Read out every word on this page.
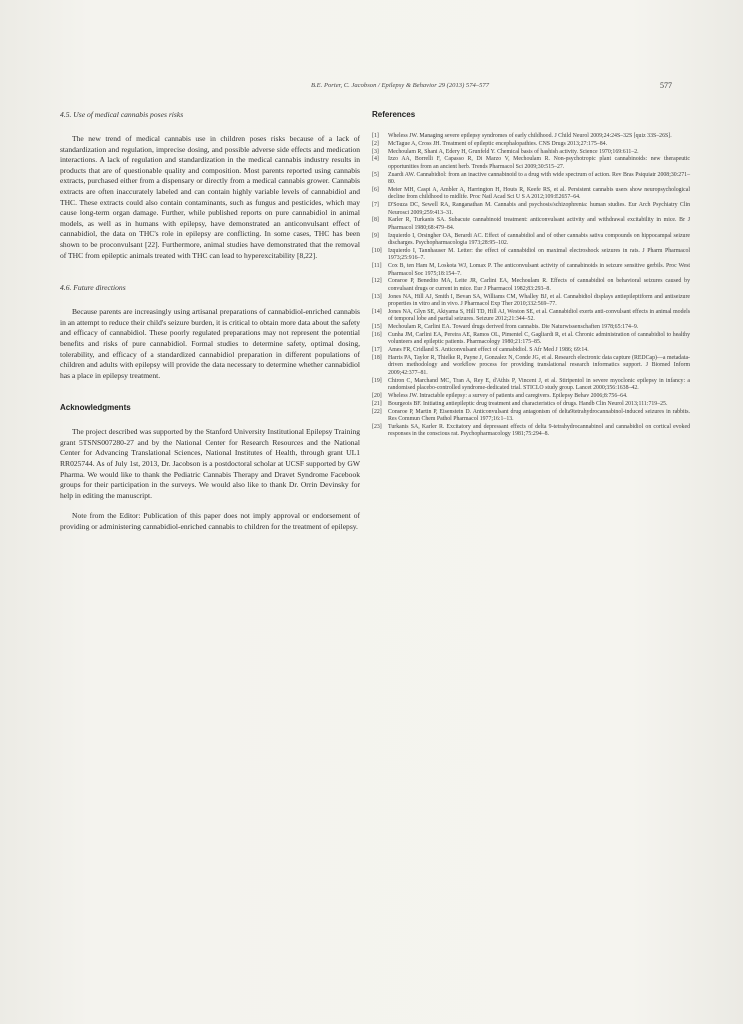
B.E. Porter, C. Jacobson / Epilepsy & Behavior 29 (2013) 574–577	577
4.5. Use of medical cannabis poses risks

The new trend of medical cannabis use in children poses risks because of a lack of standardization and regulation, imprecise dosing, and possible adverse side effects and medication interactions. A lack of regulation and standardization in the medical cannabis industry results in products that are of questionable quality and composition. Most parents reported using cannabis extracts, purchased either from a dispensary or directly from a medical cannabis grower. Cannabis extracts are often inaccurately labeled and can contain highly variable levels of cannabidiol and THC. These extracts could also contain contaminants, such as fungus and pesticides, which may cause long-term organ damage. Further, while published reports on pure cannabidiol in animal models, as well as in humans with epilepsy, have demonstrated an anticonvulsant effect of cannabidiol, the data on THC's role in epilepsy are conflicting. In some cases, THC has been shown to be proconvulsant [22]. Furthermore, animal studies have demonstrated that the removal of THC from epileptic animals treated with THC can lead to hyperexcitability [8,22].

4.6. Future directions

Because parents are increasingly using artisanal preparations of cannabidiol-enriched cannabis in an attempt to reduce their child's seizure burden, it is critical to obtain more data about the safety and efficacy of cannabidiol. These poorly regulated preparations may not represent the potential benefits and risks of pure cannabidiol. Formal studies to determine safety, optimal dosing, tolerability, and efficacy of a standardized cannabidiol preparation in different populations of children and adults with epilepsy will provide the data necessary to determine whether cannabidiol has a place in epilepsy treatment.

Acknowledgments

The project described was supported by the Stanford University Institutional Epilepsy Training grant 5TSNS007280-27 and by the National Center for Research Resources and the National Center for Advancing Translational Sciences, National Institutes of Health, through grant UL1 RR025744. As of July 1st, 2013, Dr. Jacobson is a postdoctoral scholar at UCSF supported by GW Pharma. We would like to thank the Pediatric Cannabis Therapy and Dravet Syndrome Facebook groups for their participation in the surveys. We would also like to thank Dr. Orrin Devinsky for help in editing the manuscript.

Note from the Editor: Publication of this paper does not imply approval or endorsement of providing or administering cannabidiol-enriched cannabis to children for the treatment of epilepsy.

References
[1]	Wheless JW. Managing severe epilepsy syndromes of early childhood. J Child Neurol 2009;24:24S–32S [quiz 33S–26S].
[2]	McTague A, Cross JH. Treatment of epileptic encephalopathies. CNS Drugs 2013;27:175–84.
[3]	Mechoulam R, Shani A, Edery H, Grunfeld Y. Chemical basis of hashish activity. Science 1970;169:611–2.
[4]	Izzo AA, Borrelli F, Capasso R, Di Marzo V, Mechoulam R. Non-psychotropic plant cannabinoids: new therapeutic opportunities from an ancient herb. Trends Pharmacol Sci 2009;30:515–27.
[5]	Zuardi AW. Cannabidiol: from an inactive cannabinoid to a drug with wide spectrum of action. Rev Bras Psiquiatr 2008;30:271–80.
[6]	Meier MH, Caspi A, Ambler A, Harrington H, Houts R, Keefe RS, et al. Persistent cannabis users show neuropsychological decline from childhood to midlife. Proc Natl Acad Sci U S A 2012;109:E2657–64.
[7]	D'Souza DC, Sewell RA, Ranganathan M. Cannabis and psychosis/schizophrenia: human studies. Eur Arch Psychiatry Clin Neurosci 2009;259:413–31.
[8]	Karler R, Turkanis SA. Subacute cannabinoid treatment: anticonvulsant activity and withdrawal excitability in mice. Br J Pharmacol 1980;68:479–84.
[9]	Izquierdo I, Orsingher OA, Berardi AC. Effect of cannabidiol and of other cannabis sativa compounds on hippocampal seizure discharges. Psychopharmacologia 1973;28:95–102.
[10]	Izquierdo I, Tannhauser M. Letter: the effect of cannabidiol on maximal electroshock seizures in rats. J Pharm Pharmacol 1973;25:916–7.
[11]	Cox B, ten Ham M, Loskota WJ, Lomax P. The anticonvulsant activity of cannabinoids in seizure sensitive gerbils. Proc West Pharmacol Soc 1975;18:154–7.
[12]	Consroe P, Benedito MA, Leite JR, Carlini EA, Mechoulam R. Effects of cannabidiol on behavioral seizures caused by convulsant drugs or current in mice. Eur J Pharmacol 1982;83:293–8.
[13]	Jones NA, Hill AJ, Smith I, Bevan SA, Williams CM, Whalley BJ, et al. Cannabidiol displays antiepileptiform and antiseizure properties in vitro and in vivo. J Pharmacol Exp Ther 2010;332:569–77.
[14]	Jones NA, Glyn SE, Akiyama S, Hill TD, Hill AJ, Weston SE, et al. Cannabidiol exerts anti-convulsant effects in animal models of temporal lobe and partial seizures. Seizure 2012;21:344–52.
[15]	Mechoulam R, Carlini EA. Toward drugs derived from cannabis. Die Naturwissenschaften 1978;65:174–9.
[16]	Cunha JM, Carlini EA, Pereira AE, Ramos OL, Pimentel C, Gagliardi R, et al. Chronic administration of cannabidiol to healthy volunteers and epileptic patients. Pharmacology 1980;21:175–85.
[17]	Ames FR, Cridland S. Anticonvulsant effect of cannabidiol. S Afr Med J 1986; 69:14.
[18]	Harris PA, Taylor R, Thielke R, Payne J, Gonzalez N, Conde JG, et al. Research electronic data capture (REDCap)—a metadata-driven methodology and workflow process for providing translational research informatics support. J Biomed Inform 2009;42:377–81.
[19]	Chiron C, Marchand MC, Tran A, Rey E, d'Athis P, Vincent J, et al. Stiripentol in severe myoclonic epilepsy in infancy: a randomised placebo-controlled syndrome-dedicated trial. STICLO study group. Lancet 2000;356:1638–42.
[20]	Wheless JW. Intractable epilepsy: a survey of patients and caregivers. Epilepsy Behav 2006;8:756–64.
[21]	Bourgeois BF. Initiating antiepileptic drug treatment and characteristics of drugs. Handb Clin Neurol 2013;111:719–25.
[22]	Consroe P, Martin P, Eisenstein D. Anticonvulsant drug antagonism of delta9tetrahydrocannabinol-induced seizures in rabbits. Res Commun Chem Pathol Pharmacol 1977;16:1–13.
[23]	Turkanis SA, Karler R. Excitatory and depressant effects of delta 9-tetrahydrocannabinol and cannabidiol on cortical evoked responses in the conscious rat. Psychopharmacology 1981;75:294–8.
